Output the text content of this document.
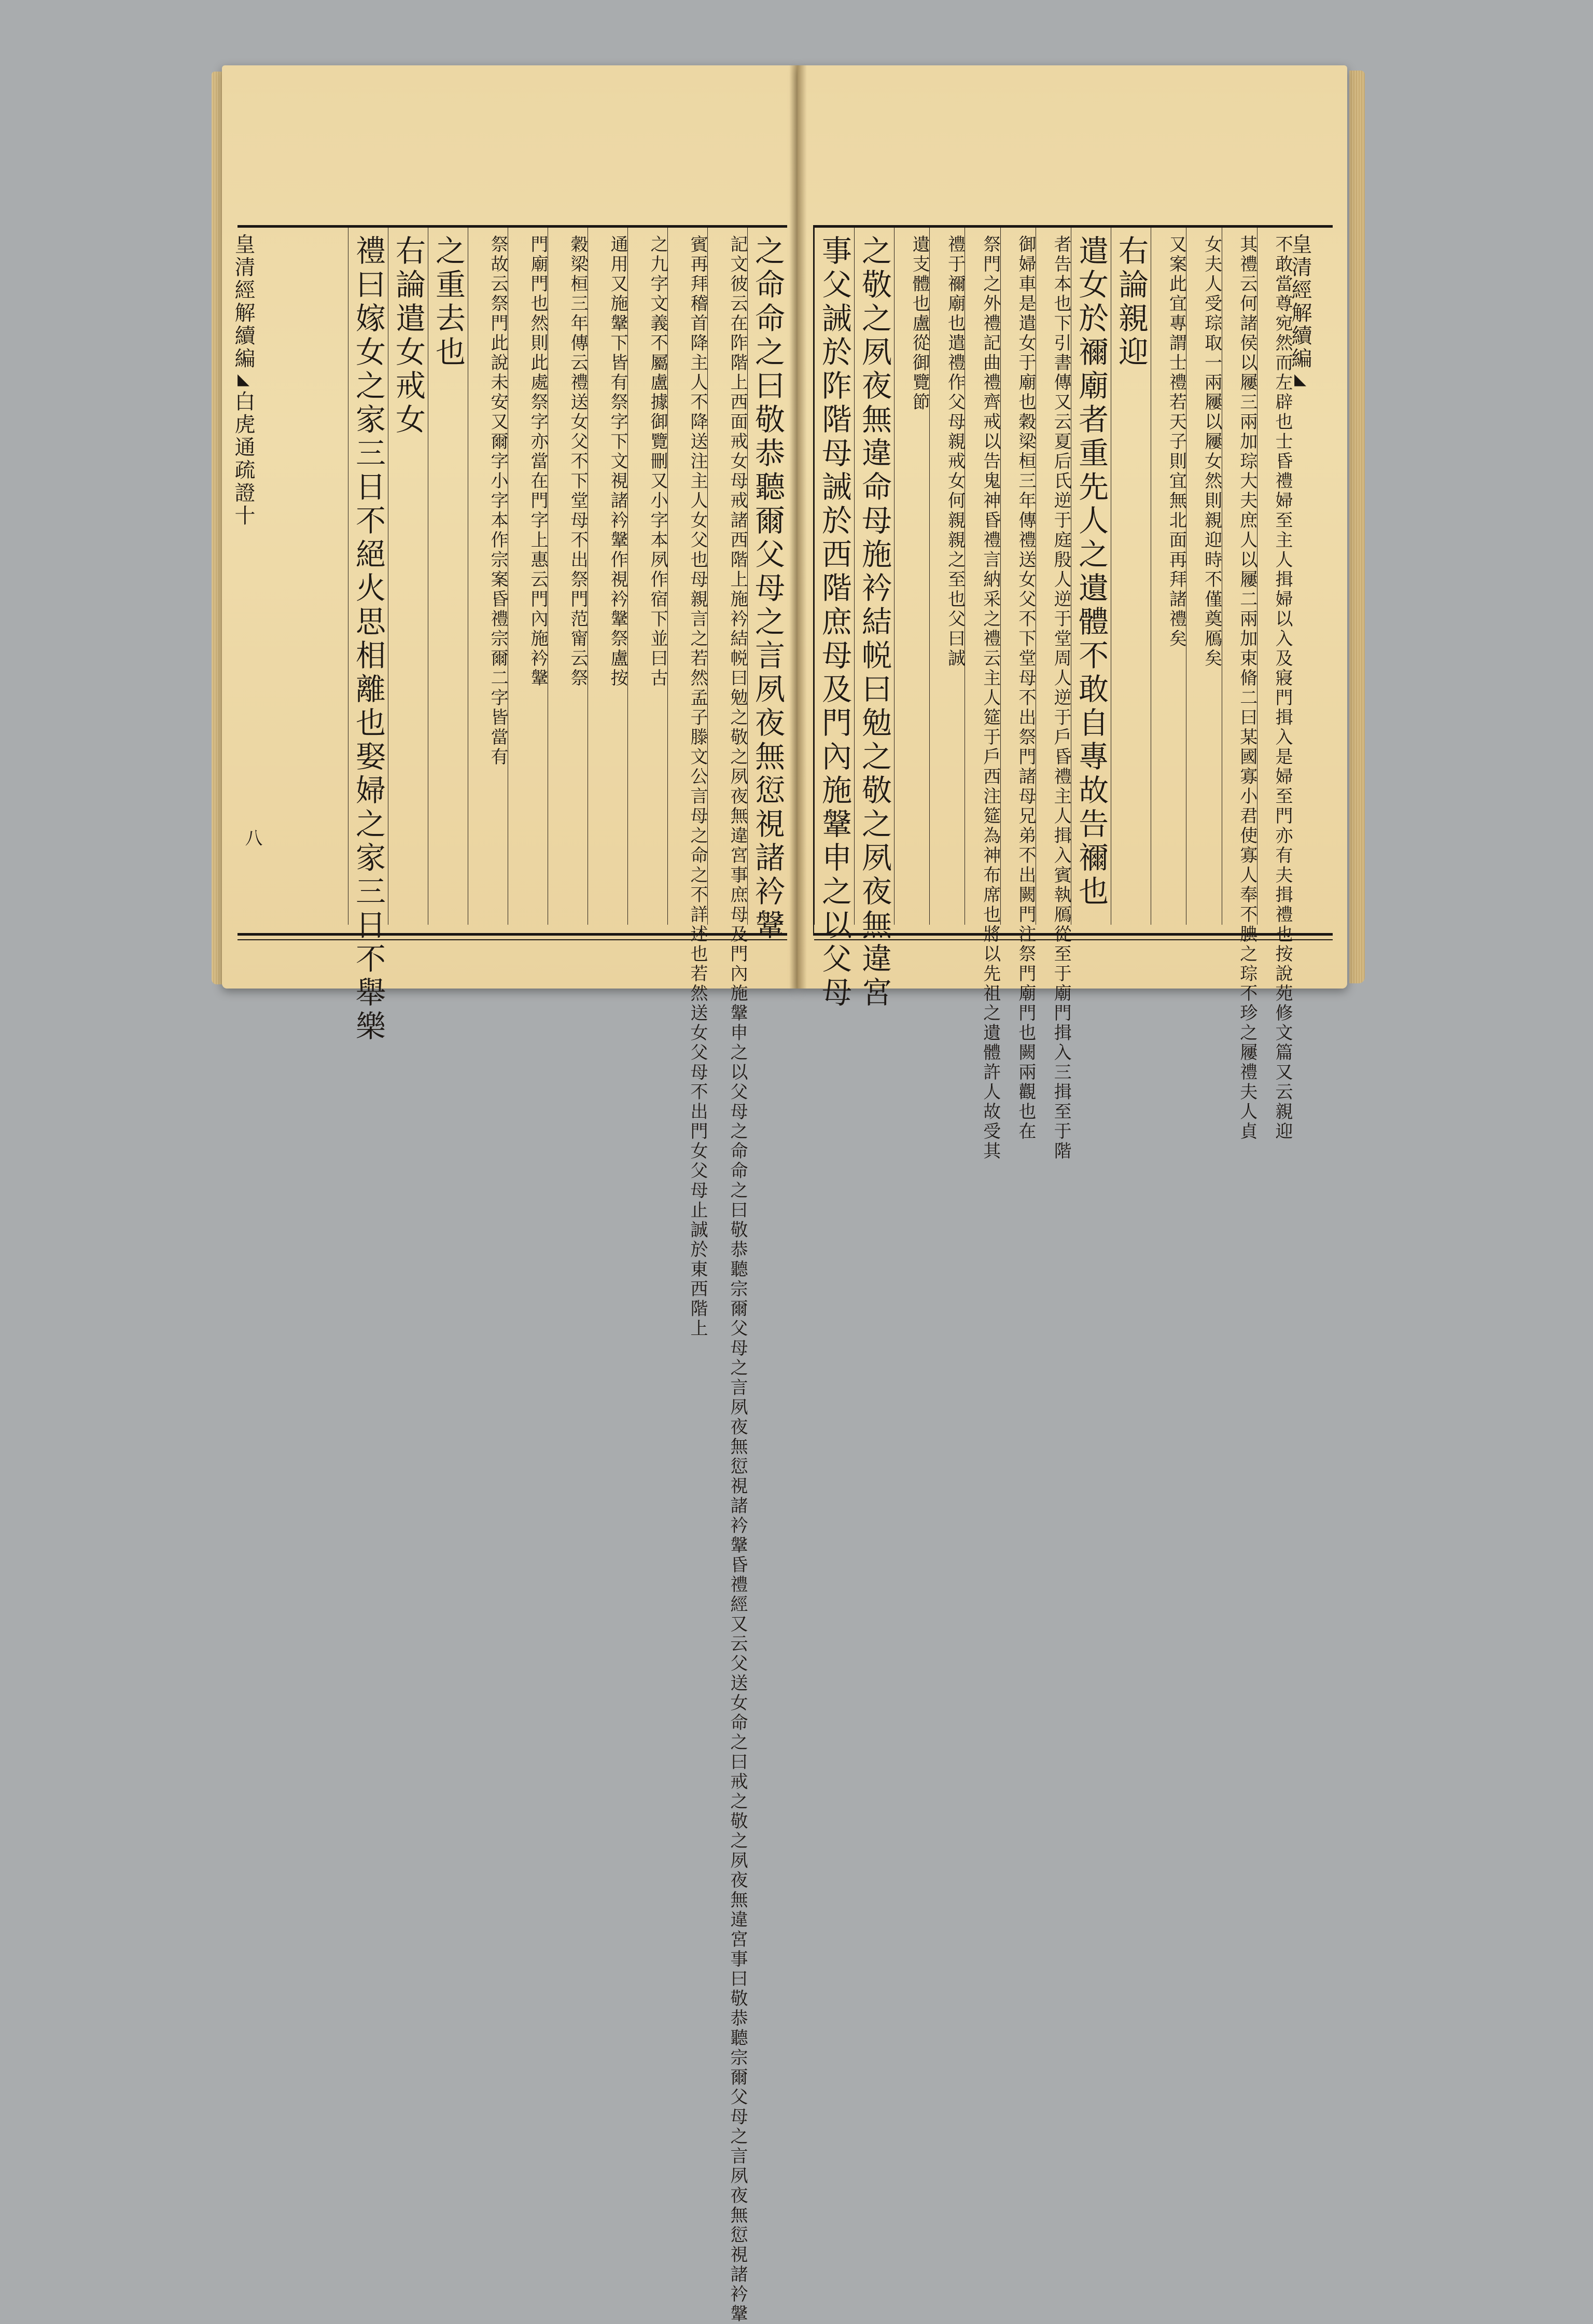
皇清經解續編◣白虎通疏證十
八	之命命之曰敬恭聽爾父母之言夙夜無愆視諸衿鞶
記文彼云在阼階上西面戒女母戒諸西階上施衿結帨曰勉之敬之夙夜無違宮事庶母及門內施鞶申之以父母之命命之曰敬恭聽宗爾父母之言夙夜無愆視諸衿鞶昏禮經又云父送女命之曰戒之敬之夙夜無違宮事曰敬恭聽宗爾父母之言夙夜無愆視諸衿鞶
賓再拜稽首降主人不降送注主人女父也母親言之若然孟子滕文公言母之命之不詳述也若然送女父母不出門女父母止誠於東西階上
之九字文義不屬盧據御覽刪又小字本夙作宿下並曰古
通用又施鞶下皆有祭字下文視諸衿鞶作視衿鞶祭盧按
穀梁桓三年傳云禮送女父不下堂母不出祭門范甯云祭
門廟門也然則此處祭字亦當在門字上惠云門內施衿鞶
祭故云祭門此說未安又爾字小字本作宗案昏禮宗爾二字皆當有
之重去也
右論遣女戒女
禮曰嫁女之家三日不絕火思相離也娶婦之家三日不舉樂	皇清經解續編◣
不敢當尊宛然而左辟也士昏禮婦至主人揖婦以入及寢門揖入是婦至門亦有夫揖禮也按說苑修文篇又云親迎
其禮云何諸侯以屨三兩加琮大夫庶人以屨二兩加束脩二曰某國寡小君使寡人奉不腆之琮不珍之屨禮夫人貞
女夫人受琮取一兩屨以屨女然則親迎時不僅奠鴈矣
又案此宜專謂士禮若天子則宜無北面再拜諸禮矣
右論親迎
遣女於禰廟者重先人之遺體不敢自專故告禰也
者告本也下引書傳又云夏后氏逆于庭殷人逆于堂周人逆于戶昏禮主人揖入賓執鴈從至于廟門揖入三揖至于階
御婦車是遣女于廟也穀梁桓三年傳禮送女父不下堂母不出祭門諸母兄弟不出闕門注祭門廟門也闕兩觀也在
祭門之外禮記曲禮齊戒以告鬼神昏禮言納采之禮云主人筵于戶西注筵為神布席也將以先祖之遺體許人故受其
禮于禰廟也遣禮作父母親戒女何親親之至也父曰誠
遺支體也盧從御覽節
之敬之夙夜無違命母施衿結帨曰勉之敬之夙夜無違宮
事父誡於阼階母誡於西階庶母及門內施鞶申之以父母
